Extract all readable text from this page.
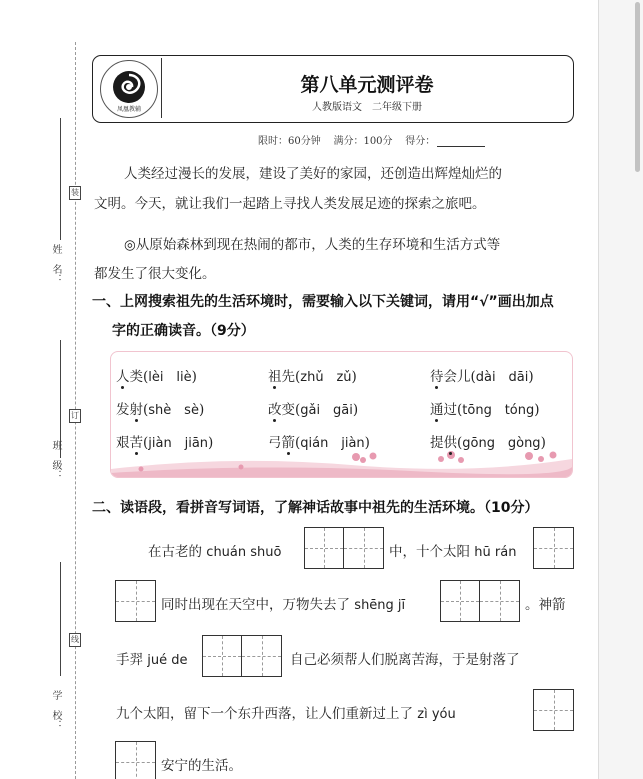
姓　名：
班　级：
学　校：
装
订
线
凤凰教辅
第八单元测评卷
人教版语文　二年级下册
限时：60分钟 满分：100分 得分：
人类经过漫长的发展，建设了美好的家园，还创造出辉煌灿烂的
文明。今天，就让我们一起踏上寻找人类发展足迹的探索之旅吧。
◎从原始森林到现在热闹的都市，人类的生存环境和生活方式等
都发生了很大变化。
一、上网搜索祖先的生活环境时，需要输入以下关键词，请用“√”画出加点
字的正确读音。（9分）
人类(lèi liè)	祖先(zhǔ zǔ)	待会儿(dài dāi)
发射(shè sè)	改变(gǎi gāi)	通过(tōng tóng)
艰苦(jiàn jiān)	弓箭(qián jiàn)	提供(gōng gòng)
二、读语段，看拼音写词语，了解神话故事中祖先的生活环境。（10分）
在古老的 chuán shuō	中，十个太阳 hū rán
同时出现在天空中，万物失去了 shēng jī	。神箭
手羿 jué de	自己必须帮人们脱离苦海，于是射落了
九个太阳，留下一个东升西落，让人们重新过上了 zì yóu
安宁的生活。
